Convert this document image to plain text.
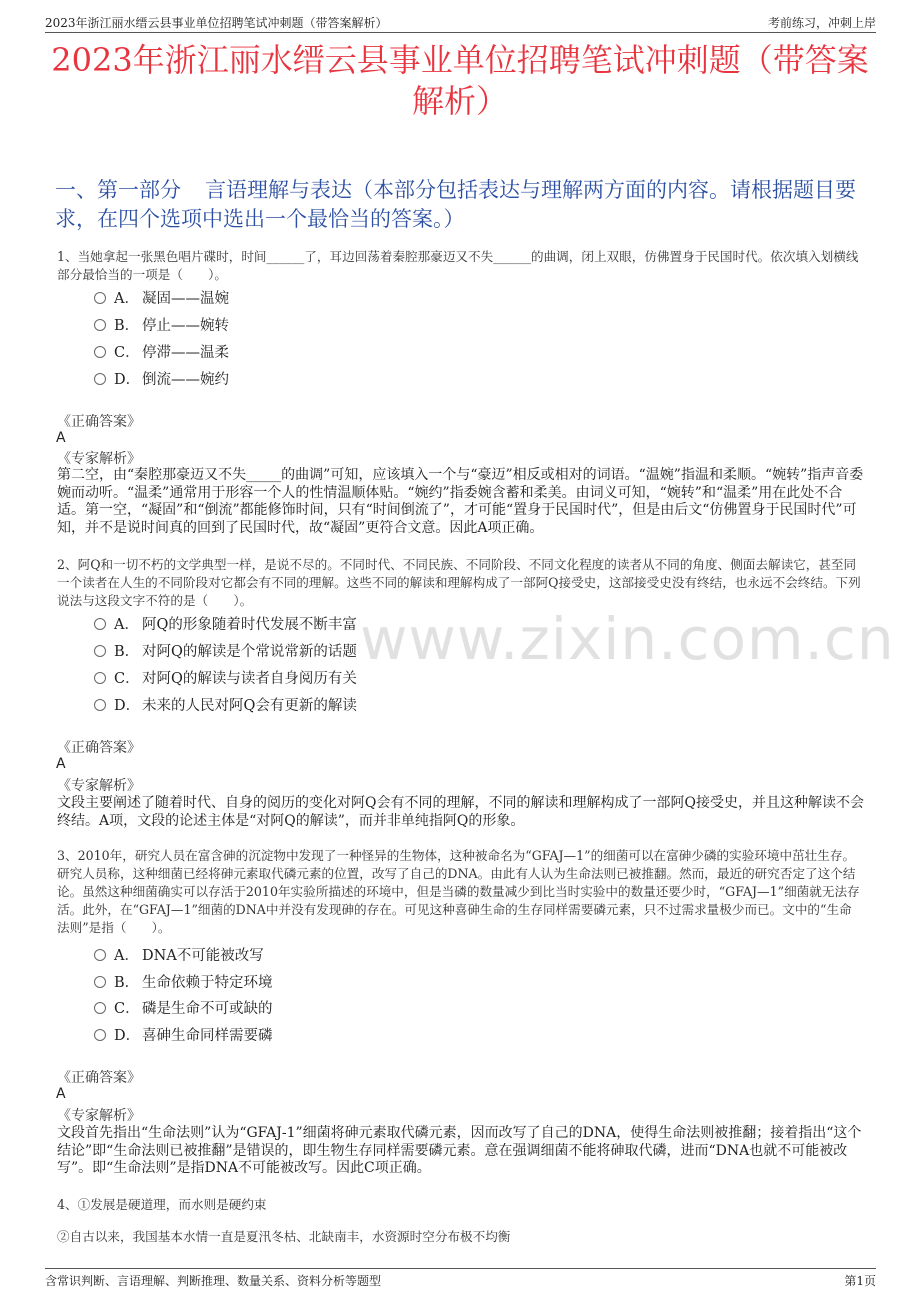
2023年浙江丽水缙云县事业单位招聘笔试冲刺题（带答案解析）	考前练习，冲刺上岸
2023年浙江丽水缙云县事业单位招聘笔试冲刺题（带答案解析）
一、第一部分 言语理解与表达（本部分包括表达与理解两方面的内容。请根据题目要求，在四个选项中选出一个最恰当的答案。）
www.zixin.com.cn
1、当她拿起一张黑色唱片碟时，时间______了，耳边回荡着秦腔那豪迈又不失______的曲调，闭上双眼，仿佛置身于民国时代。依次填入划横线部分最恰当的一项是（　　）。
A． 凝固——温婉
B． 停止——婉转
C． 停滞——温柔
D． 倒流——婉约
《正确答案》
A
《专家解析》
第二空，由“秦腔那豪迈又不失_____的曲调”可知，应该填入一个与“豪迈”相反或相对的词语。“温婉”指温和柔顺。“婉转”指声音委婉而动听。“温柔”通常用于形容一个人的性情温顺体贴。“婉约”指委婉含蓄和柔美。由词义可知，“婉转”和“温柔”用在此处不合适。第一空，“凝固”和“倒流”都能修饰时间，只有“时间倒流了”，才可能“置身于民国时代”，但是由后文“仿佛置身于民国时代”可知，并不是说时间真的回到了民国时代，故“凝固”更符合文意。因此A项正确。
2、阿Q和一切不朽的文学典型一样，是说不尽的。不同时代、不同民族、不同阶段、不同文化程度的读者从不同的角度、侧面去解读它，甚至同一个读者在人生的不同阶段对它都会有不同的理解。这些不同的解读和理解构成了一部阿Q接受史，这部接受史没有终结，也永远不会终结。下列说法与这段文字不符的是（　　）。
A． 阿Q的形象随着时代发展不断丰富
B． 对阿Q的解读是个常说常新的话题
C． 对阿Q的解读与读者自身阅历有关
D． 未来的人民对阿Q会有更新的解读
《正确答案》
A
《专家解析》
文段主要阐述了随着时代、自身的阅历的变化对阿Q会有不同的理解，不同的解读和理解构成了一部阿Q接受史，并且这种解读不会终结。A项，文段的论述主体是“对阿Q的解读”，而并非单纯指阿Q的形象。
3、2010年，研究人员在富含砷的沉淀物中发现了一种怪异的生物体，这种被命名为“GFAJ—1”的细菌可以在富砷少磷的实验环境中茁壮生存。研究人员称，这种细菌已经将砷元素取代磷元素的位置，改写了自己的DNA。由此有人认为生命法则已被推翻。然而，最近的研究否定了这个结论。虽然这种细菌确实可以存活于2010年实验所描述的环境中，但是当磷的数量减少到比当时实验中的数量还要少时，“GFAJ—1”细菌就无法存活。此外，在“GFAJ—1”细菌的DNA中并没有发现砷的存在。可见这种喜砷生命的生存同样需要磷元素，只不过需求量极少而已。文中的“生命法则”是指（　　）。
A． DNA不可能被改写
B． 生命依赖于特定环境
C． 磷是生命不可或缺的
D． 喜砷生命同样需要磷
《正确答案》
A
《专家解析》
文段首先指出“生命法则”认为“GFAJ-1”细菌将砷元素取代磷元素，因而改写了自己的DNA，使得生命法则被推翻；接着指出“这个结论”即“生命法则已被推翻”是错误的，即生物生存同样需要磷元素。意在强调细菌不能将砷取代磷，进而“DNA也就不可能被改写”。即“生命法则”是指DNA不可能被改写。因此C项正确。
4、①发展是硬道理，而水则是硬约束
②自古以来，我国基本水情一直是夏汛冬枯、北缺南丰，水资源时空分布极不均衡
含常识判断、言语理解、判断推理、数量关系、资料分析等题型	第1页
